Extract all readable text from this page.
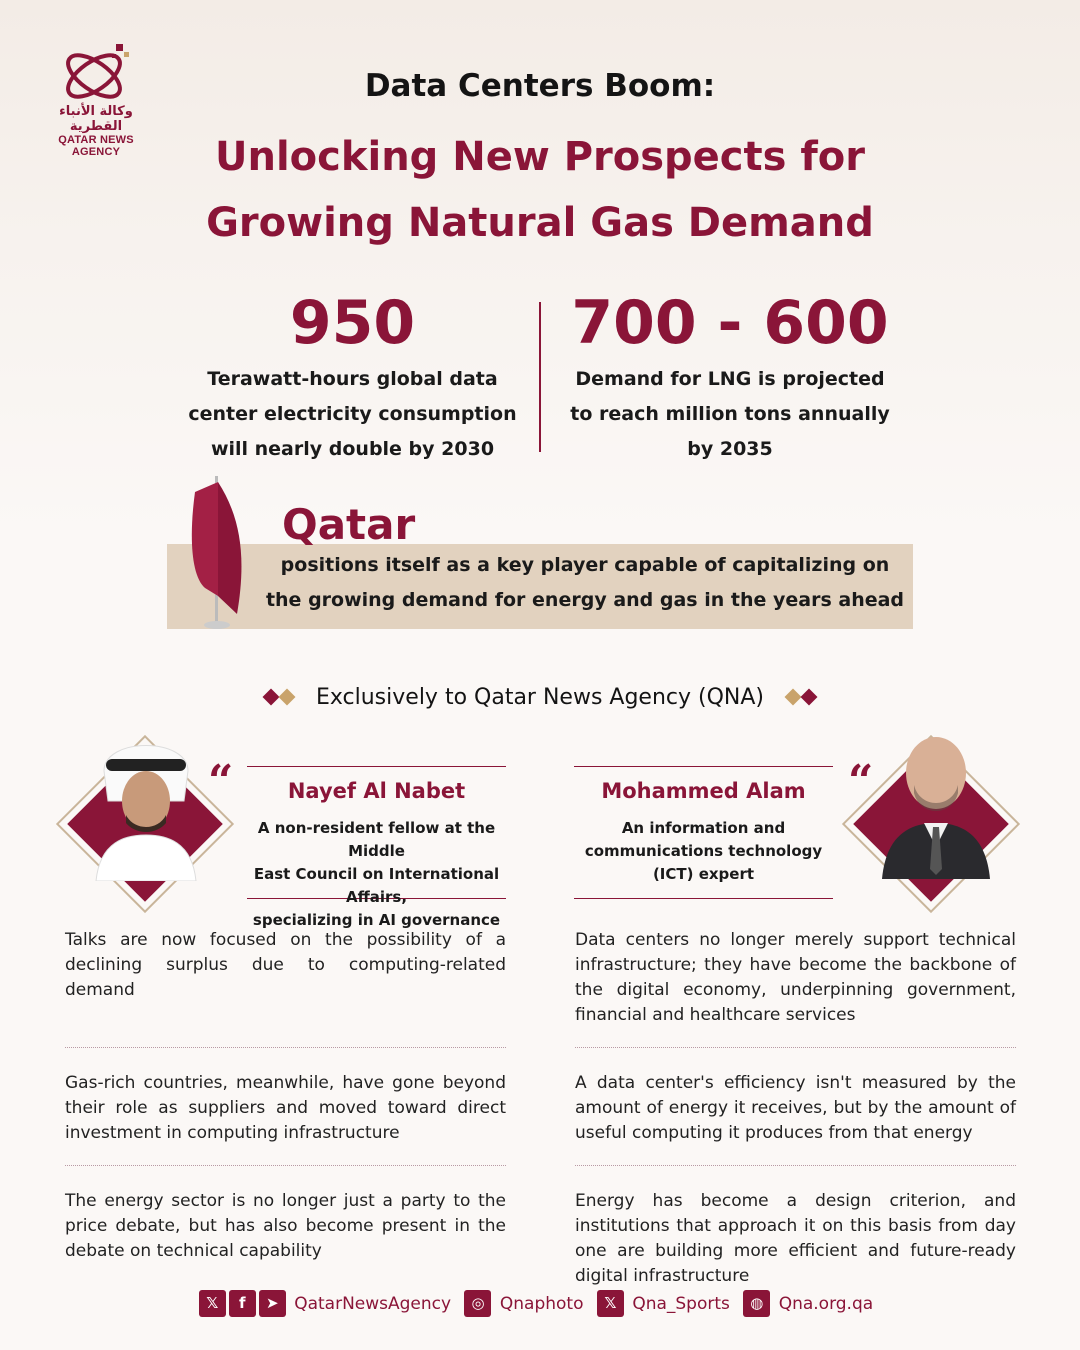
وكالة الأنباء القطرية
QATAR NEWS AGENCY
Data Centers Boom:
Unlocking New Prospects for
Growing Natural Gas Demand
950
Terawatt-hours global data
center electricity consumption
will nearly double by 2030
700 - 600
Demand for LNG is projected
to reach million tons annually
by 2035
Qatar
positions itself as a key player capable of capitalizing on
the growing demand for energy and gas in the years ahead
Exclusively to Qatar News Agency (QNA)
“	Nayef Al Nabet
A non-resident fellow at the Middle
East Council on International Affairs,
specializing in AI governance
Mohammed Alam
An information and
communications technology
(ICT) expert
“
Talks are now focused on the possibility of a declining surplus due to computing-related demand
Gas-rich countries, meanwhile, have gone beyond their role as suppliers and moved toward direct investment in computing infrastructure
The energy sector is no longer just a party to the price debate, but has also become present in the debate on technical capability
Data centers no longer merely support technical infrastructure; they have become the backbone of the digital economy, underpinning government, financial and healthcare services
A data center's efficiency isn't measured by the amount of energy it receives, but by the amount of useful computing it produces from that energy
Energy has become a design criterion, and institutions that approach it on this basis from day one are building more efficient and future-ready digital infrastructure
𝕏 f ➤ QatarNewsAgency ◎ Qnaphoto 𝕏 Qna_Sports ◍ Qna.org.qa
